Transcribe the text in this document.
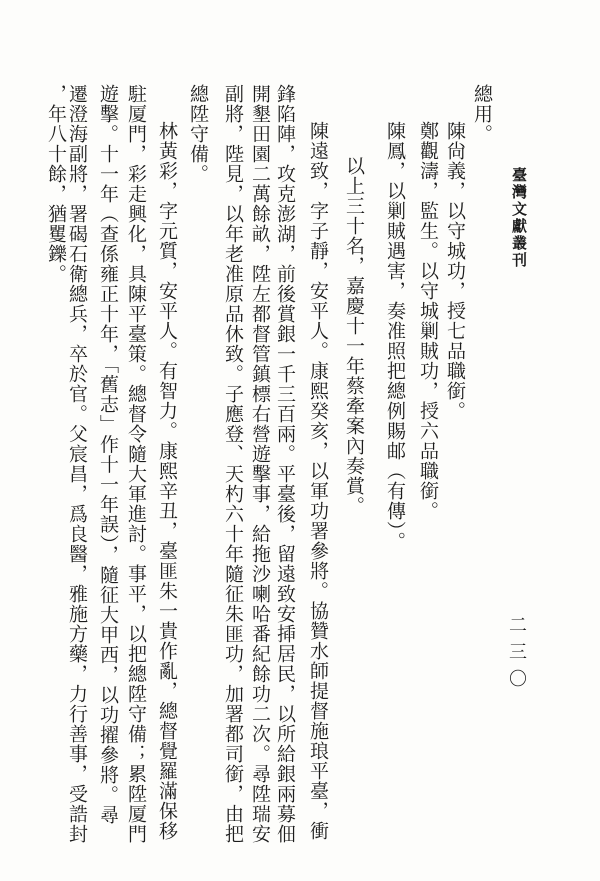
臺灣文獻叢刊
二三〇
總用。
陳尙義，以守城功，授七品職銜。
鄭觀濤，監生。以守城剿賊功，授六品職銜。
陳鳳，以剿賊遇害，奏准照把總例賜邮（有傳）。
以上三十名，嘉慶十一年蔡牽案內奏賞。
陳遠致，字子靜，安平人。康熙癸亥，以軍功署參將。協贊水師提督施琅平臺，衝
鋒陷陣，攻克澎湖，前後賞銀一千三百兩。平臺後，留遠致安揷居民，以所給銀兩募佃
開墾田園二萬餘畝，陞左都督管鎮標右營遊擊事，給拖沙喇哈番紀餘功二次。尋陞瑞安
副將，陛見，以年老准原品休致。子應登、天杓六十年隨征朱匪功，加署都司銜，由把
總陞守備。
林黃彩，字元質，安平人。有智力。康熙辛丑，臺匪朱一貴作亂，總督覺羅滿保移
駐厦門，彩走興化，具陳平臺策。總督令隨大軍進討。事平，以把總陞守備；累陞厦門
遊擊。十一年（查係雍正十年，「舊志」作十一年誤），隨征大甲西，以功擢參將。尋
遷澄海副將，署碣石衛總兵，卒於官。父宸昌，爲良醫，雅施方藥，力行善事，受誥封
，年八十餘，猶矍鑠。
